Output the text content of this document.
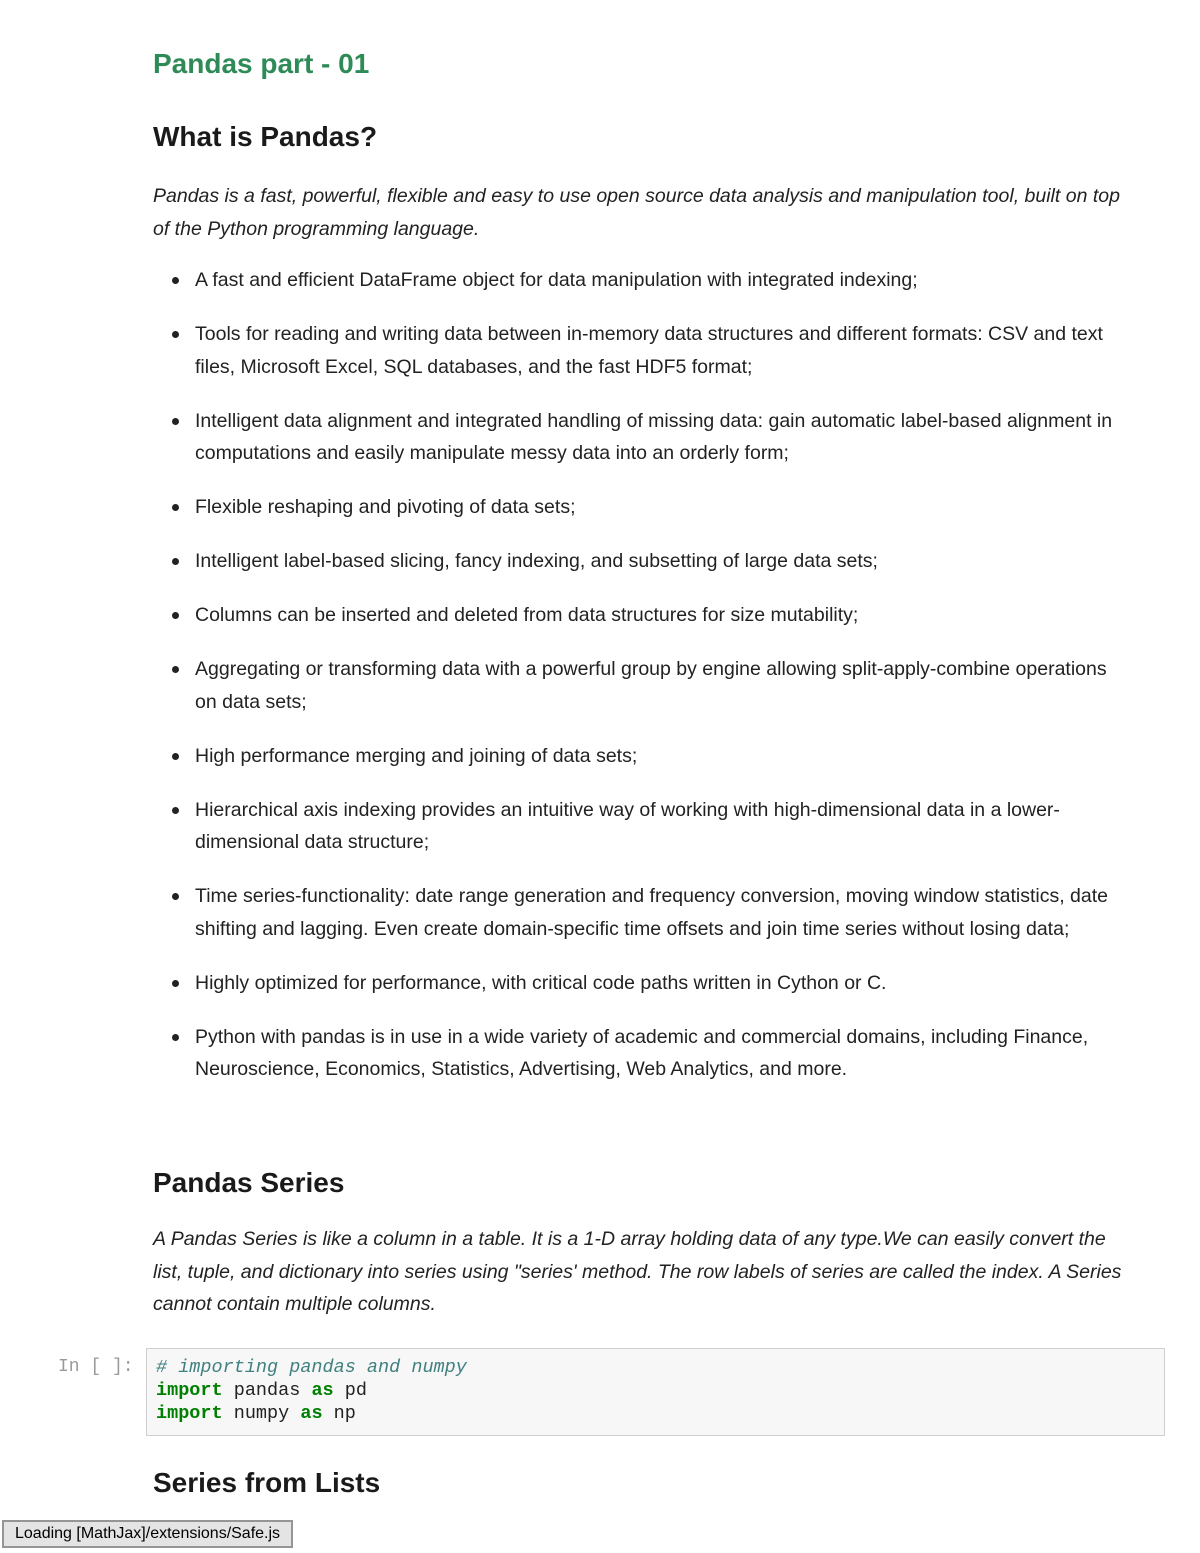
Pandas part - 01
What is Pandas?

Pandas is a fast, powerful, flexible and easy to use open source data analysis and manipulation tool, built on top of the Python programming language.

A fast and efficient DataFrame object for data manipulation with integrated indexing;
Tools for reading and writing data between in-memory data structures and different formats: CSV and text files, Microsoft Excel, SQL databases, and the fast HDF5 format;
Intelligent data alignment and integrated handling of missing data: gain automatic label-based alignment in computations and easily manipulate messy data into an orderly form;
Flexible reshaping and pivoting of data sets;
Intelligent label-based slicing, fancy indexing, and subsetting of large data sets;
Columns can be inserted and deleted from data structures for size mutability;
Aggregating or transforming data with a powerful group by engine allowing split-apply-combine operations on data sets;
High performance merging and joining of data sets;
Hierarchical axis indexing provides an intuitive way of working with high-dimensional data in a lower-dimensional data structure;
Time series-functionality: date range generation and frequency conversion, moving window statistics, date shifting and lagging. Even create domain-specific time offsets and join time series without losing data;
Highly optimized for performance, with critical code paths written in Cython or C.
Python with pandas is in use in a wide variety of academic and commercial domains, including Finance, Neuroscience, Economics, Statistics, Advertising, Web Analytics, and more.
Pandas Series

A Pandas Series is like a column in a table. It is a 1-D array holding data of any type.We can easily convert the list, tuple, and dictionary into series using "series' method. The row labels of series are called the index. A Series cannot contain multiple columns.

Series from Lists
In [ ]: # importing pandas and numpy
import pandas as pd
import numpy as np
Loading [MathJax]/extensions/Safe.js
